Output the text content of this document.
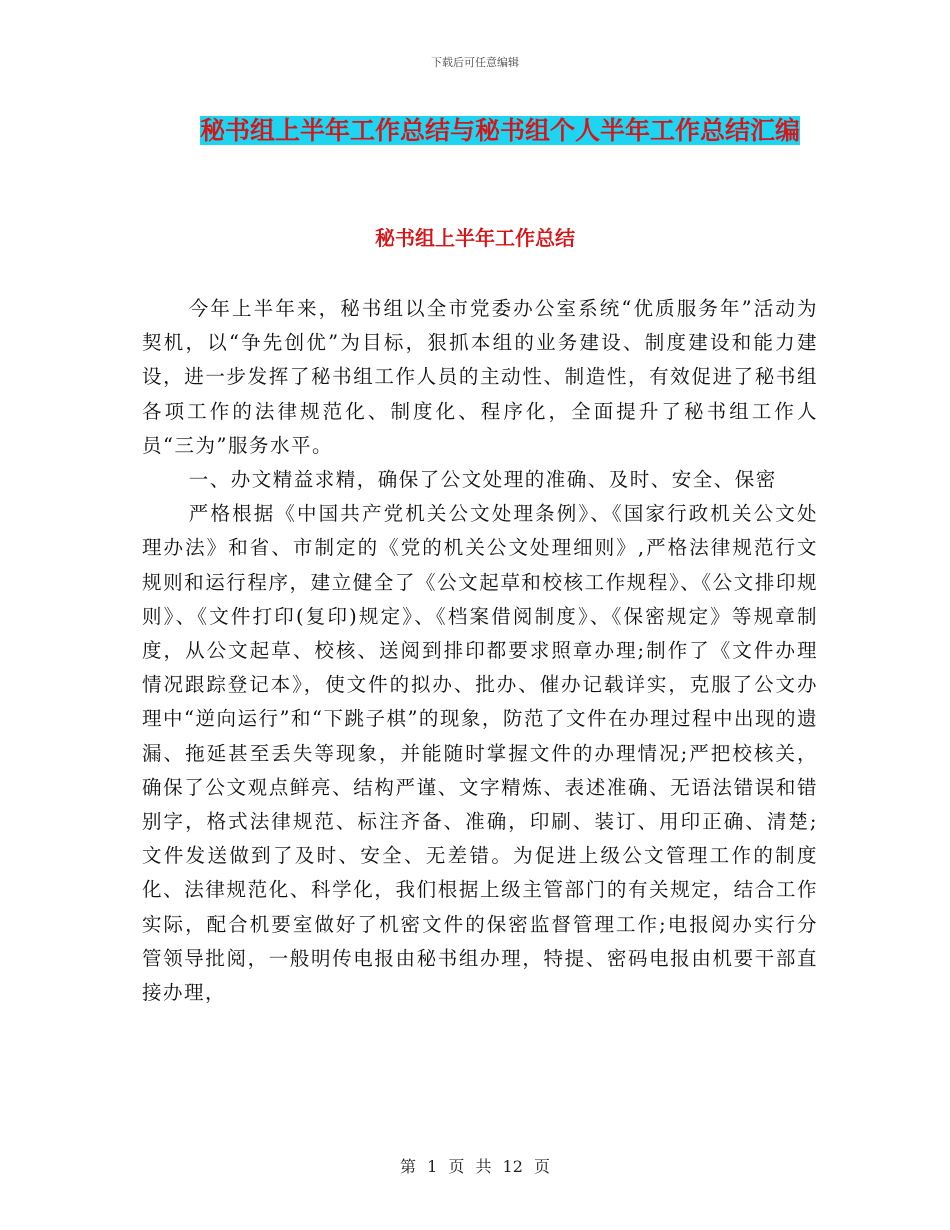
下载后可任意编辑
秘书组上半年工作总结与秘书组个人半年工作总结汇编
秘书组上半年工作总结

今年上半年来，秘书组以全市党委办公室系统“优质服务年”活动为契机，以“争先创优”为目标，狠抓本组的业务建设、制度建设和能力建设，进一步发挥了秘书组工作人员的主动性、制造性，有效促进了秘书组各项工作的法律规范化、制度化、程序化，全面提升了秘书组工作人员“三为”服务水平。

一、办文精益求精，确保了公文处理的准确、及时、安全、保密

严格根据《中国共产党机关公文处理条例》、《国家行政机关公文处理办法》和省、市制定的《党的机关公文处理细则》,严格法律规范行文规则和运行程序，建立健全了《公文起草和校核工作规程》、《公文排印规则》、《文件打印(复印)规定》、《档案借阅制度》、《保密规定》等规章制度，从公文起草、校核、送阅到排印都要求照章办理;制作了《文件办理情况跟踪登记本》，使文件的拟办、批办、催办记载详实，克服了公文办理中“逆向运行”和“下跳子棋”的现象，防范了文件在办理过程中出现的遗漏、拖延甚至丢失等现象，并能随时掌握文件的办理情况;严把校核关，确保了公文观点鲜亮、结构严谨、文字精炼、表述准确、无语法错误和错别字，格式法律规范、标注齐备、准确，印刷、装订、用印正确、清楚;文件发送做到了及时、安全、无差错。为促进上级公文管理工作的制度化、法律规范化、科学化，我们根据上级主管部门的有关规定，结合工作实际，配合机要室做好了机密文件的保密监督管理工作;电报阅办实行分管领导批阅，一般明传电报由秘书组办理，特提、密码电报由机要干部直接办理，

第 1 页 共 12 页
